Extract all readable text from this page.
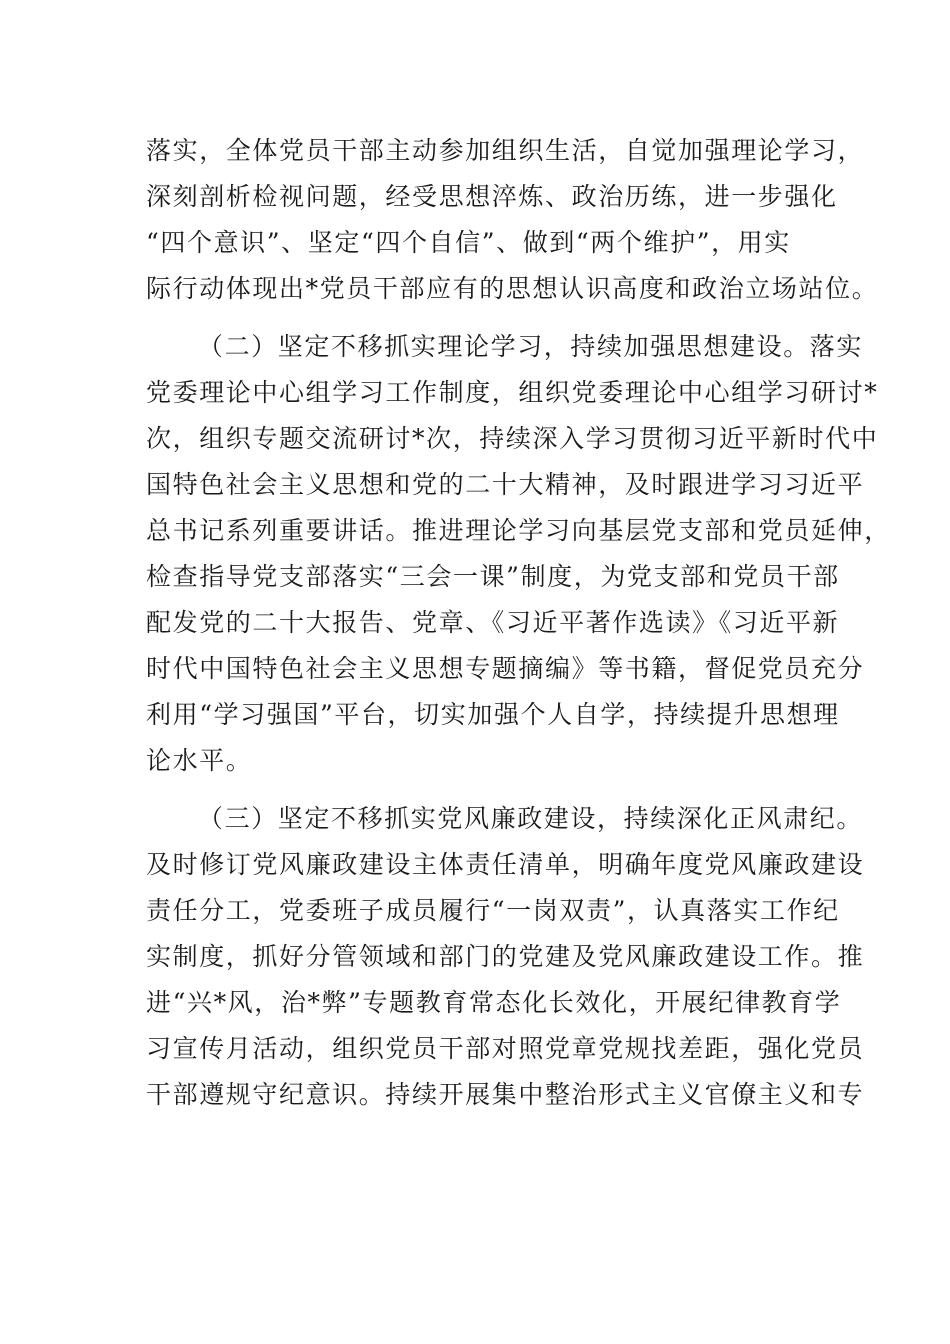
落实，全体党员干部主动参加组织生活，自觉加强理论学习，
深刻剖析检视问题，经受思想淬炼、政治历练，进一步强化
“四个意识”、坚定“四个自信”、做到“两个维护”，用实
际行动体现出*党员干部应有的思想认识高度和政治立场站位。
（二）坚定不移抓实理论学习，持续加强思想建设。落实
党委理论中心组学习工作制度，组织党委理论中心组学习研讨*
次，组织专题交流研讨*次，持续深入学习贯彻习近平新时代中
国特色社会主义思想和党的二十大精神，及时跟进学习习近平
总书记系列重要讲话。推进理论学习向基层党支部和党员延伸，
检查指导党支部落实“三会一课”制度，为党支部和党员干部
配发党的二十大报告、党章、《习近平著作选读》《习近平新
时代中国特色社会主义思想专题摘编》等书籍，督促党员充分
利用“学习强国”平台，切实加强个人自学，持续提升思想理
论水平。
（三）坚定不移抓实党风廉政建设，持续深化正风肃纪。
及时修订党风廉政建设主体责任清单，明确年度党风廉政建设
责任分工，党委班子成员履行“一岗双责”，认真落实工作纪
实制度，抓好分管领域和部门的党建及党风廉政建设工作。推
进“兴*风，治*弊”专题教育常态化长效化，开展纪律教育学
习宣传月活动，组织党员干部对照党章党规找差距，强化党员
干部遵规守纪意识。持续开展集中整治形式主义官僚主义和专
